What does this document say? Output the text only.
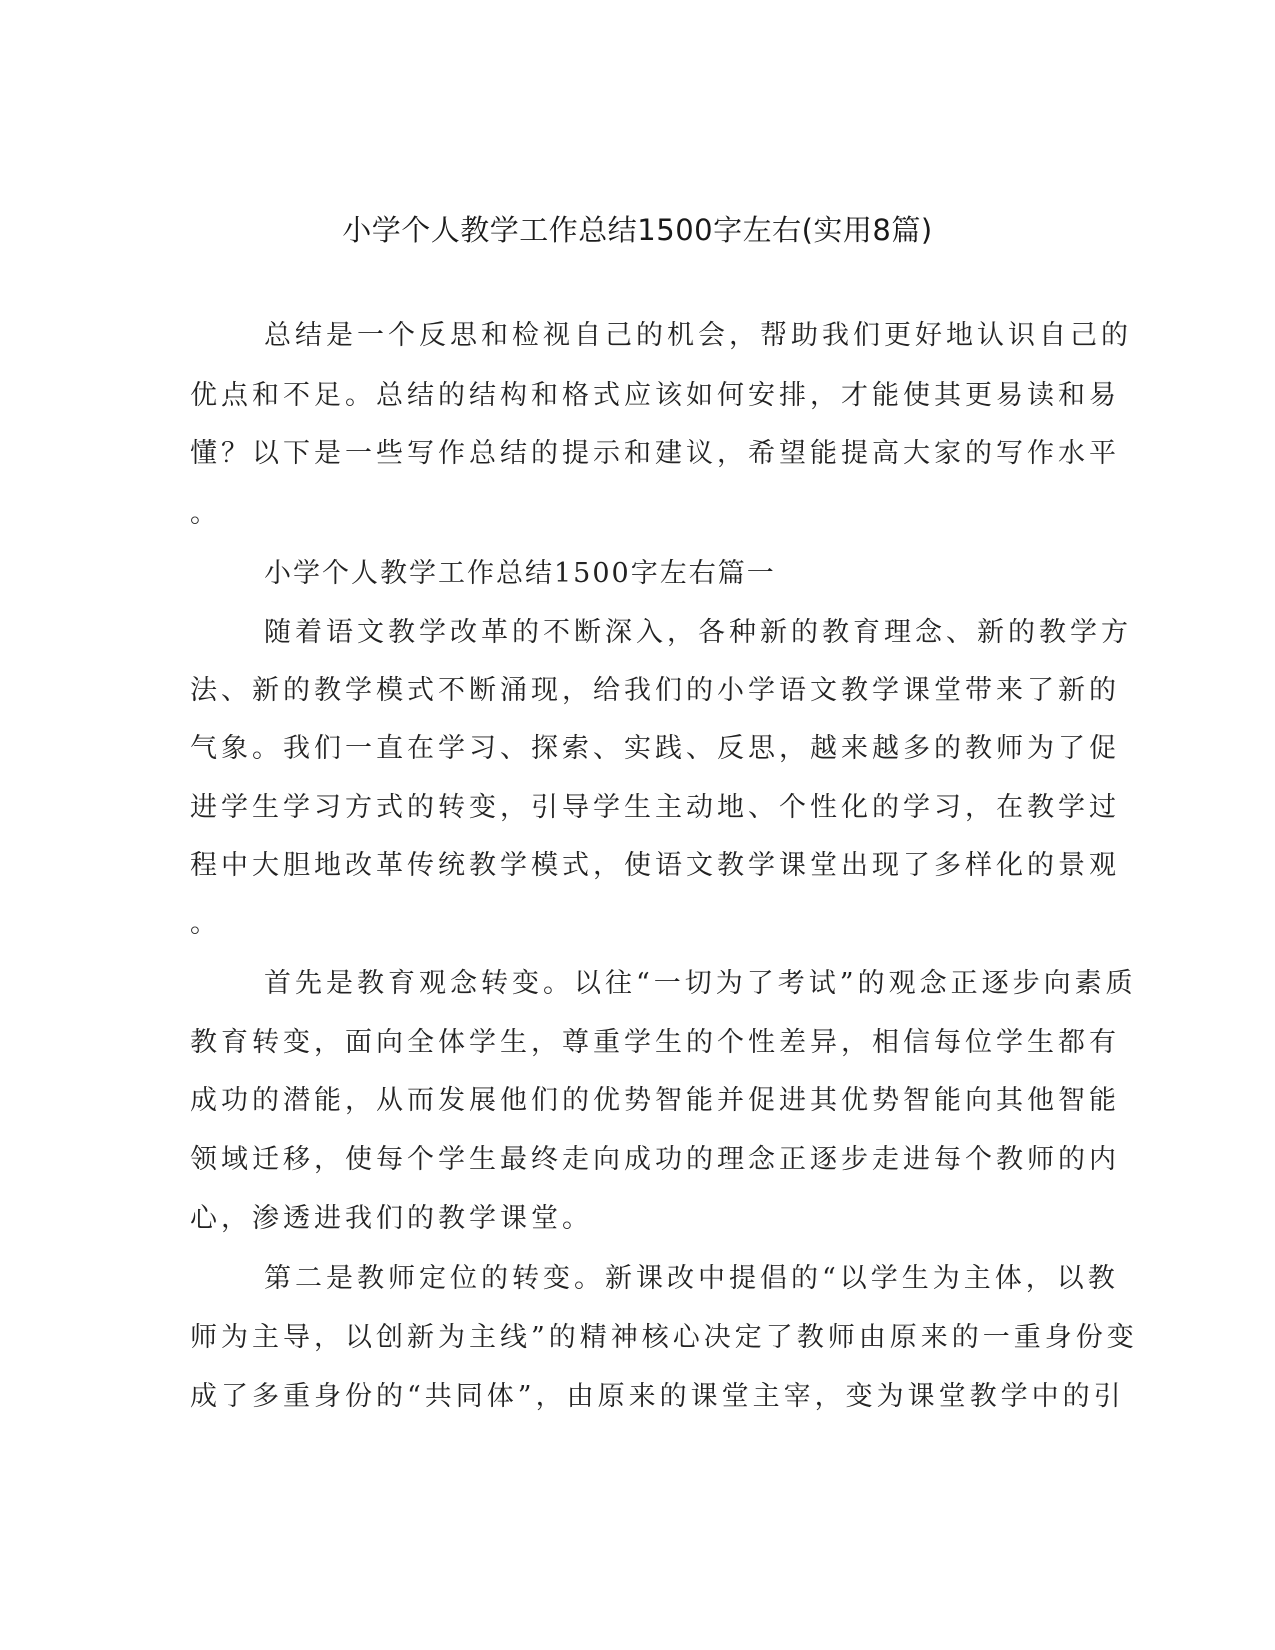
小学个人教学工作总结1500字左右(实用8篇)
总结是一个反思和检视自己的机会，帮助我们更好地认识自己的
优点和不足。总结的结构和格式应该如何安排，才能使其更易读和易
懂？以下是一些写作总结的提示和建议，希望能提高大家的写作水平
。
小学个人教学工作总结1500字左右篇一
随着语文教学改革的不断深入，各种新的教育理念、新的教学方
法、新的教学模式不断涌现，给我们的小学语文教学课堂带来了新的
气象。我们一直在学习、探索、实践、反思，越来越多的教师为了促
进学生学习方式的转变，引导学生主动地、个性化的学习，在教学过
程中大胆地改革传统教学模式，使语文教学课堂出现了多样化的景观
。
首先是教育观念转变。以往“一切为了考试”的观念正逐步向素质
教育转变，面向全体学生，尊重学生的个性差异，相信每位学生都有
成功的潜能，从而发展他们的优势智能并促进其优势智能向其他智能
领域迁移，使每个学生最终走向成功的理念正逐步走进每个教师的内
心，渗透进我们的教学课堂。
第二是教师定位的转变。新课改中提倡的“以学生为主体，以教
师为主导，以创新为主线”的精神核心决定了教师由原来的一重身份变
成了多重身份的“共同体”，由原来的课堂主宰，变为课堂教学中的引
